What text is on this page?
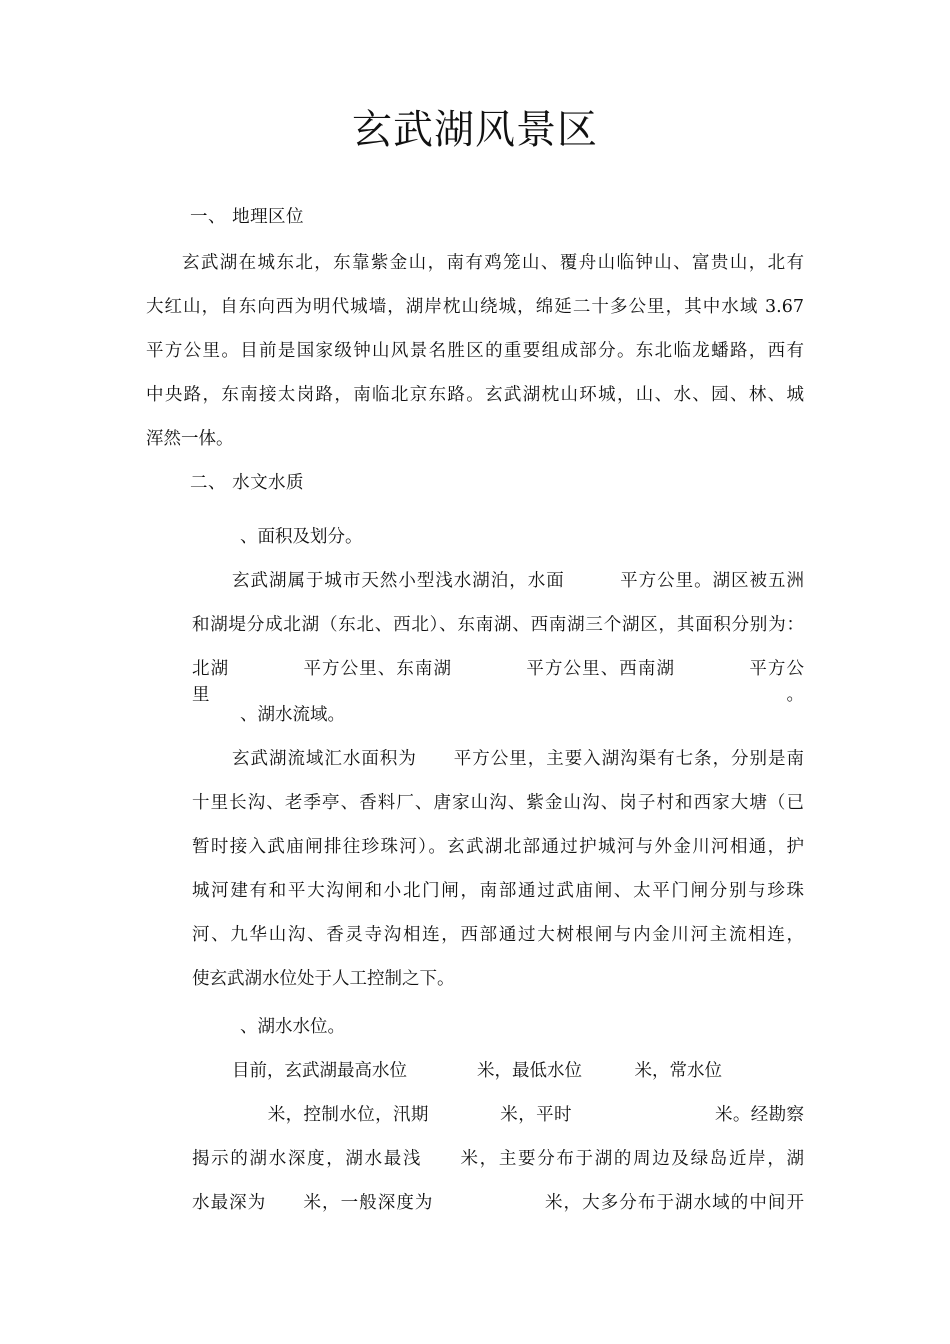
玄武湖风景区
一、 地理区位
玄武湖在城东北，东靠紫金山，南有鸡笼山、覆舟山临钟山、富贵山，北有
大红山，自东向西为明代城墙，湖岸枕山绕城，绵延二十多公里，其中水域 3.67
平方公里。目前是国家级钟山风景名胜区的重要组成部分。东北临龙蟠路，西有
中央路，东南接太岗路，南临北京东路。玄武湖枕山环城，山、水、园、林、城
浑然一体。
二、 水文水质
、面积及划分。
玄武湖属于城市天然小型浅水湖泊，水面　　　平方公里。湖区被五洲
和湖堤分成北湖（东北、西北）、东南湖、西南湖三个湖区，其面积分别为：
北湖　　　　平方公里、东南湖　　　　平方公里、西南湖　　　　平方公里。
、湖水流域。
玄武湖流域汇水面积为　　平方公里，主要入湖沟渠有七条，分别是南
十里长沟、老季亭、香料厂、唐家山沟、紫金山沟、岗子村和西家大塘（已
暂时接入武庙闸排往珍珠河）。玄武湖北部通过护城河与外金川河相通，护
城河建有和平大沟闸和小北门闸，南部通过武庙闸、太平门闸分别与珍珠
河、九华山沟、香灵寺沟相连，西部通过大树根闸与内金川河主流相连，
使玄武湖水位处于人工控制之下。
、湖水水位。
目前，玄武湖最高水位　　　　米，最低水位　　　米，常水位
　　米，控制水位，汛期　　　　米，平时　　　　　　　　米。经勘察
揭示的湖水深度，湖水最浅　　米，主要分布于湖的周边及绿岛近岸，湖
水最深为　　米，一般深度为　　　　　　米，大多分布于湖水域的中间开
